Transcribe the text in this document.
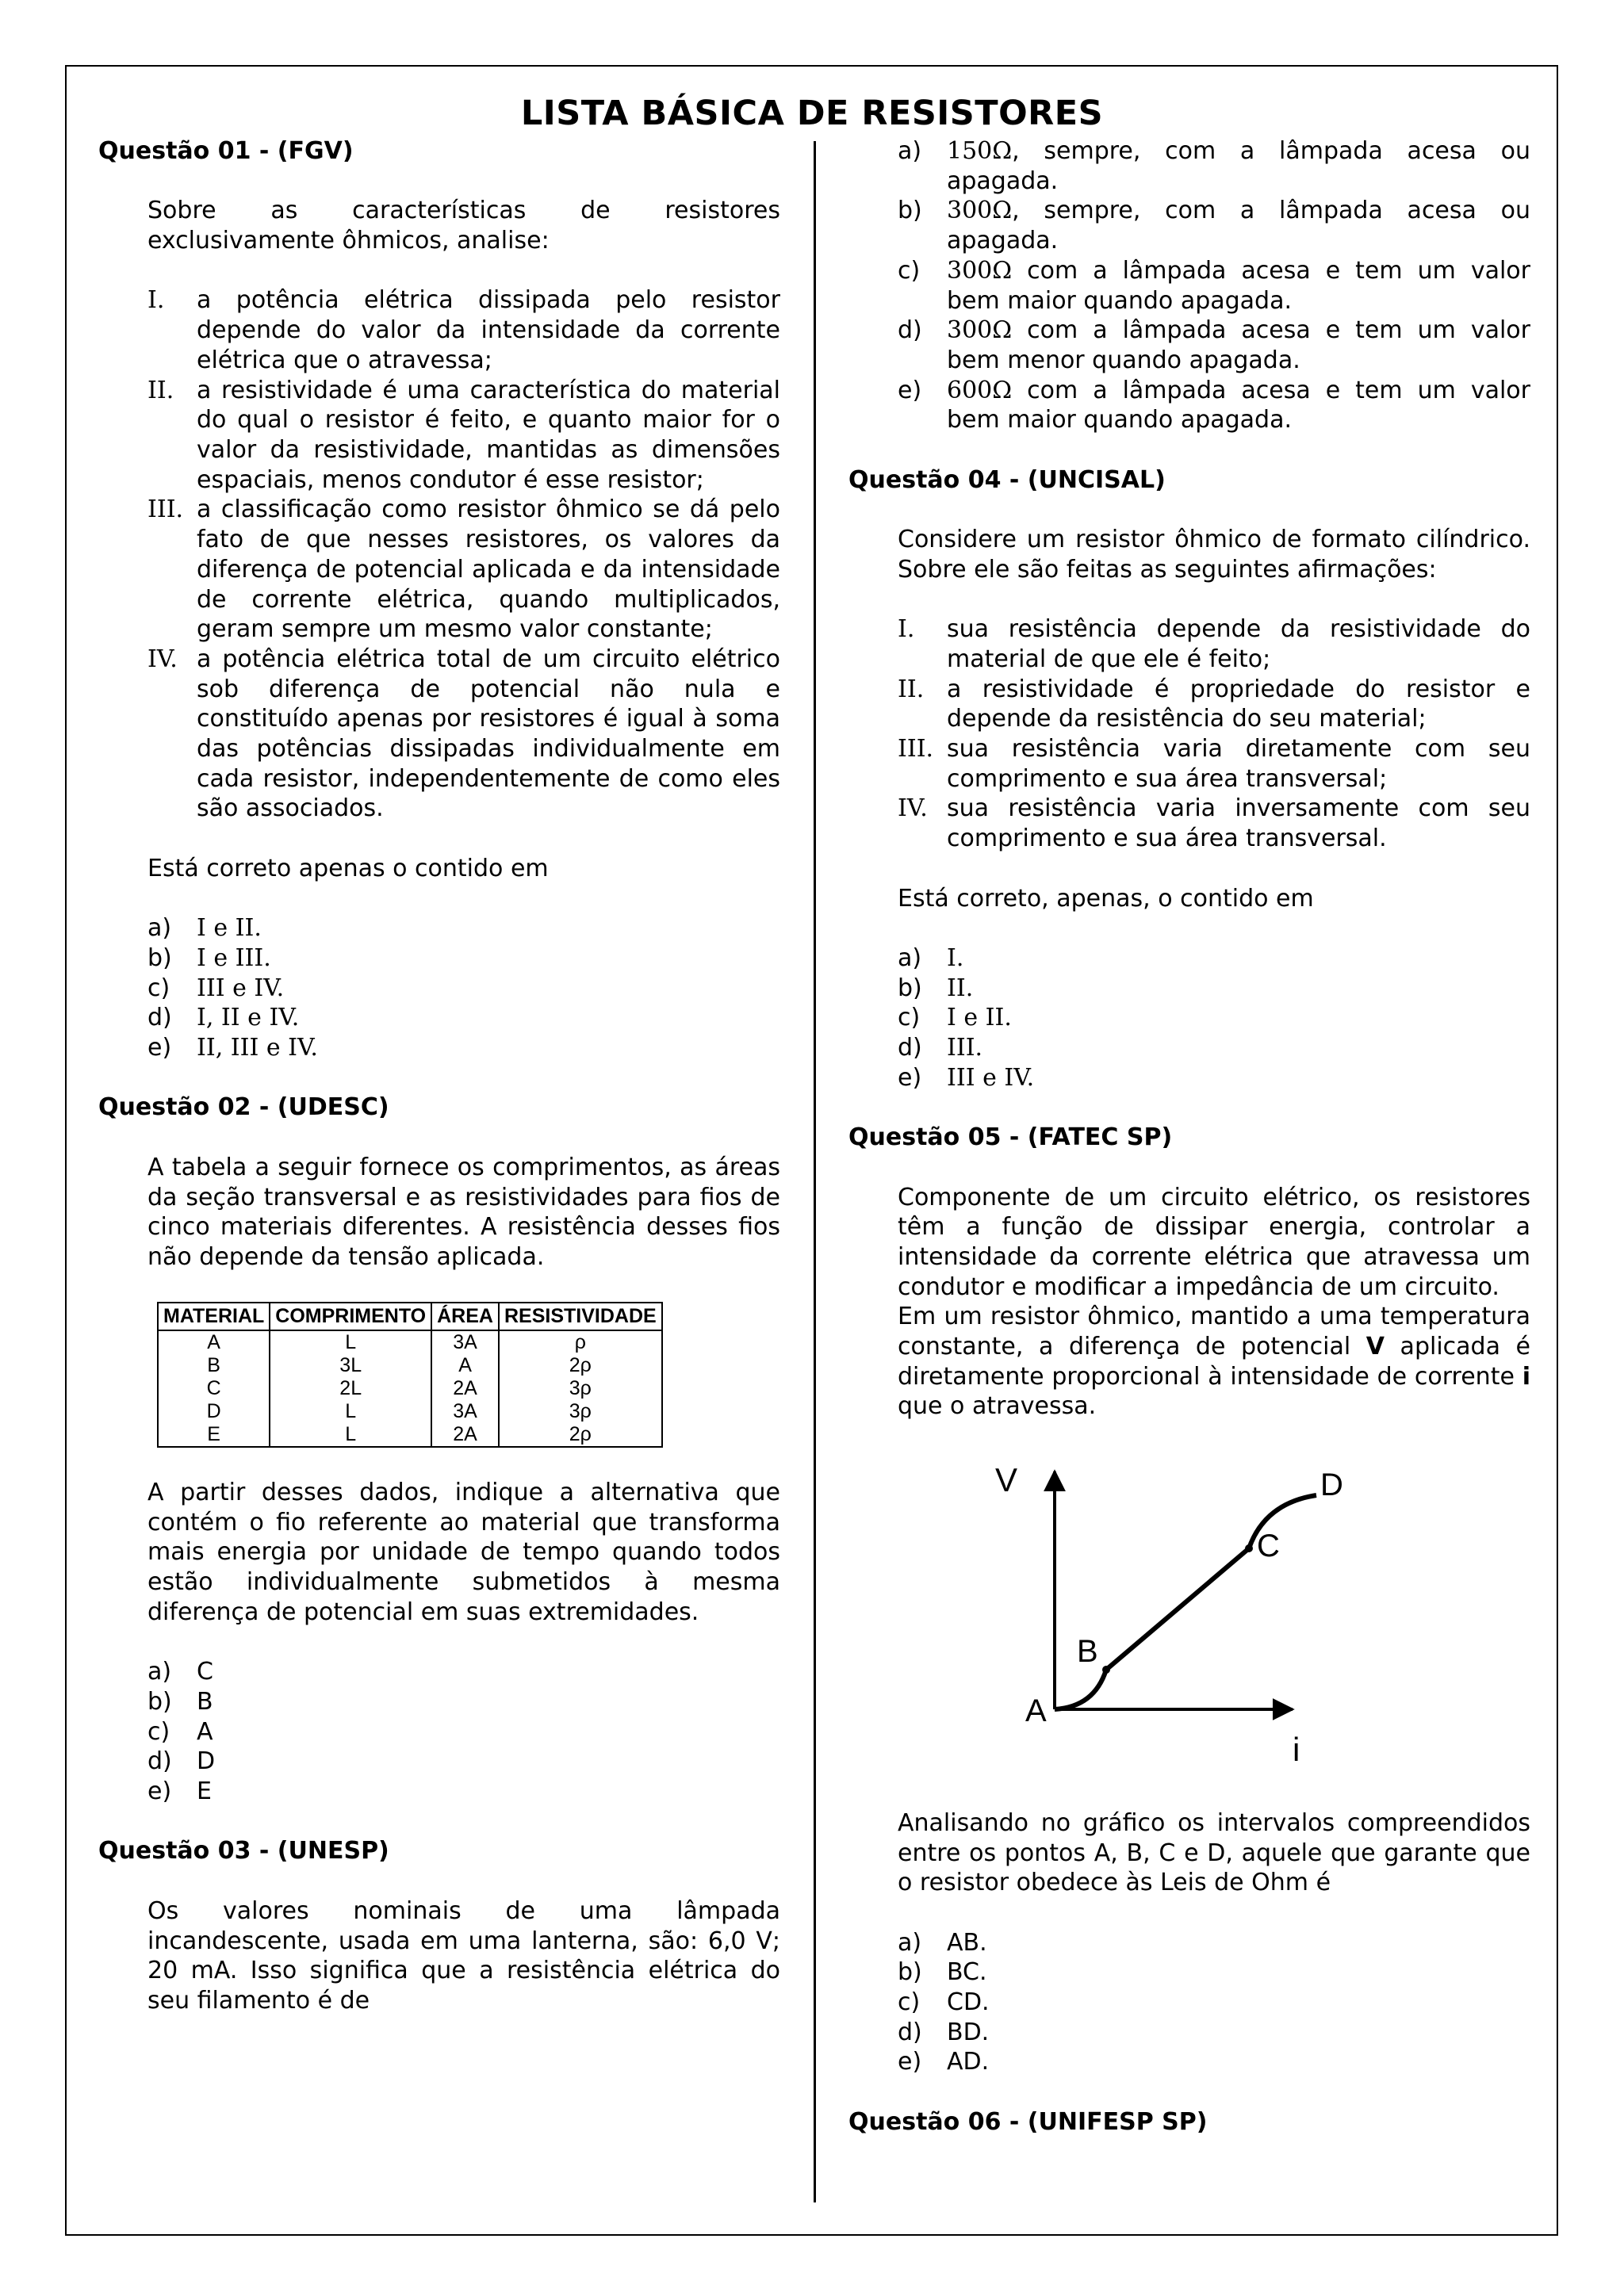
LISTA BÁSICA DE RESISTORES

Questão 01 - (FGV)

Sobre as características de resistores exclusivamente ôhmicos, analise:

I.	a potência elétrica dissipada pelo resistor depende do valor da intensidade da corrente elétrica que o atravessa;
II. a resistividade é uma característica do material do qual o resistor é feito, e quanto maior for o valor da resistividade, mantidas as dimensões espaciais, menos condutor é esse resistor;
III. a classificação como resistor ôhmico se dá pelo fato de que nesses resistores, os valores da diferença de potencial aplicada e da intensidade de corrente elétrica, quando multiplicados, geram sempre um mesmo valor constante;
IV. a potência elétrica total de um circuito elétrico sob diferença de potencial não nula e constituído apenas por resistores é igual à soma das potências dissipadas individualmente em cada resistor, independentemente de como eles são associados.

Está correto apenas o contido em

a)	I e II.
b)	I e III.
c)	III e IV.
d)	I, II e IV.
e)	II, III e IV.

Questão 02 - (UDESC)

A tabela a seguir fornece os comprimentos, as áreas da seção transversal e as resistividades para fios de cinco materiais diferentes. A resistência desses fios não depende da tensão aplicada.

MATERIAL	COMPRIMENTO	ÁREA	RESISTIVIDADE
A	L	3A	ρ
B	3L	A	2ρ
C	2L	2A	3ρ
D	L	3A	3ρ
E	L	2A	2ρ

A partir desses dados, indique a alternativa que contém o fio referente ao material que transforma mais energia por unidade de tempo quando todos estão individualmente submetidos à mesma diferença de potencial em suas extremidades.

a)	C
b)	B
c)	A
d)	D
e)	E

Questão 03 - (UNESP)

Os valores nominais de uma lâmpada incandescente, usada em uma lanterna, são: 6,0 V; 20 mA. Isso significa que a resistência elétrica do seu filamento é de

a)	150Ω, sempre, com a lâmpada acesa ou apagada.
b)	300Ω, sempre, com a lâmpada acesa ou apagada.
c)	300Ω com a lâmpada acesa e tem um valor bem maior quando apagada.
d)	300Ω com a lâmpada acesa e tem um valor bem menor quando apagada.
e)	600Ω com a lâmpada acesa e tem um valor bem maior quando apagada.

Questão 04 - (UNCISAL)

Considere um resistor ôhmico de formato cilíndrico. Sobre ele são feitas as seguintes afirmações:

I.	sua resistência depende da resistividade do material de que ele é feito;
II. a resistividade é propriedade do resistor e depende da resistência do seu material;
III. sua resistência varia diretamente com seu comprimento e sua área transversal;
IV. sua resistência varia inversamente com seu comprimento e sua área transversal.

Está correto, apenas, o contido em

a)	I.
b)	II.
c)	I e II.
d)	III.
e)	III e IV.

Questão 05 - (FATEC SP)

Componente de um circuito elétrico, os resistores têm a função de dissipar energia, controlar a intensidade da corrente elétrica que atravessa um condutor e modificar a impedância de um circuito.

Em um resistor ôhmico, mantido a uma temperatura constante, a diferença de potencial V aplicada é diretamente proporcional à intensidade de corrente i que o atravessa.

V
i
A
B
C
D

Analisando no gráfico os intervalos compreendidos entre os pontos A, B, C e D, aquele que garante que o resistor obedece às Leis de Ohm é

a)	AB.
b)	BC.
c)	CD.
d)	BD.
e)	AD.

Questão 06 - (UNIFESP SP)
